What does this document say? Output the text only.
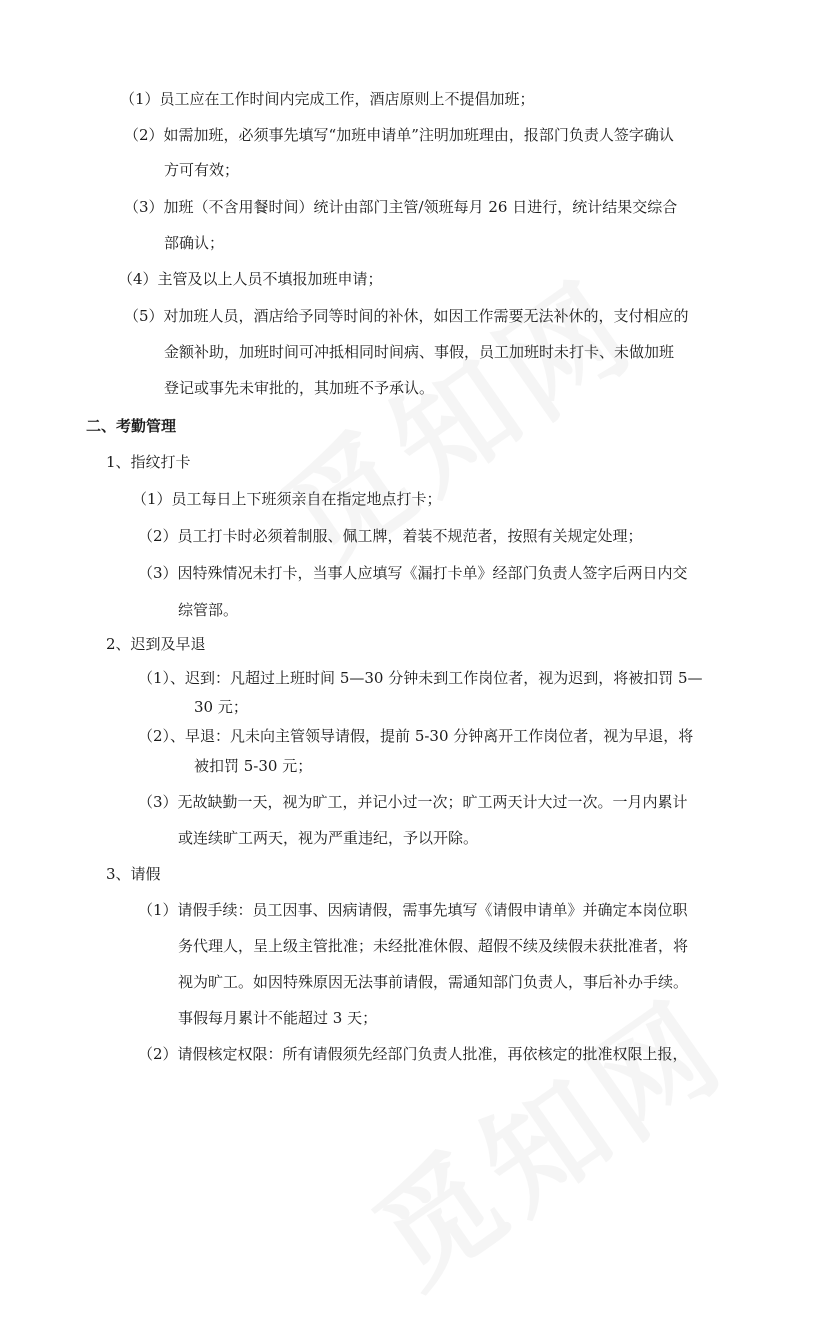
（1）员工应在工作时间内完成工作，酒店原则上不提倡加班；
（2）如需加班，必须事先填写“加班申请单”注明加班理由，报部门负责人签字确认
方可有效；
（3）加班（不含用餐时间）统计由部门主管/领班每月 26 日进行，统计结果交综合
部确认；
（4）主管及以上人员不填报加班申请；
（5）对加班人员，酒店给予同等时间的补休，如因工作需要无法补休的，支付相应的
金额补助，加班时间可冲抵相同时间病、事假，员工加班时未打卡、未做加班
登记或事先未审批的，其加班不予承认。
二、考勤管理
1、指纹打卡
（1）员工每日上下班须亲自在指定地点打卡；
（2）员工打卡时必须着制服、佩工牌，着装不规范者，按照有关规定处理；
（3）因特殊情况未打卡，当事人应填写《漏打卡单》经部门负责人签字后两日内交
综管部。
2、迟到及早退
（1）、迟到：凡超过上班时间 5—30 分钟未到工作岗位者，视为迟到，将被扣罚 5—
30 元；
（2）、早退：凡未向主管领导请假，提前 5-30 分钟离开工作岗位者，视为早退，将
被扣罚 5-30 元；
（3）无故缺勤一天，视为旷工，并记小过一次；旷工两天计大过一次。一月内累计
或连续旷工两天，视为严重违纪，予以开除。
3、请假
（1）请假手续：员工因事、因病请假，需事先填写《请假申请单》并确定本岗位职
务代理人，呈上级主管批准；未经批准休假、超假不续及续假未获批准者，将
视为旷工。如因特殊原因无法事前请假，需通知部门负责人，事后补办手续。
事假每月累计不能超过 3 天；
（2）请假核定权限：所有请假须先经部门负责人批准，再依核定的批准权限上报，
